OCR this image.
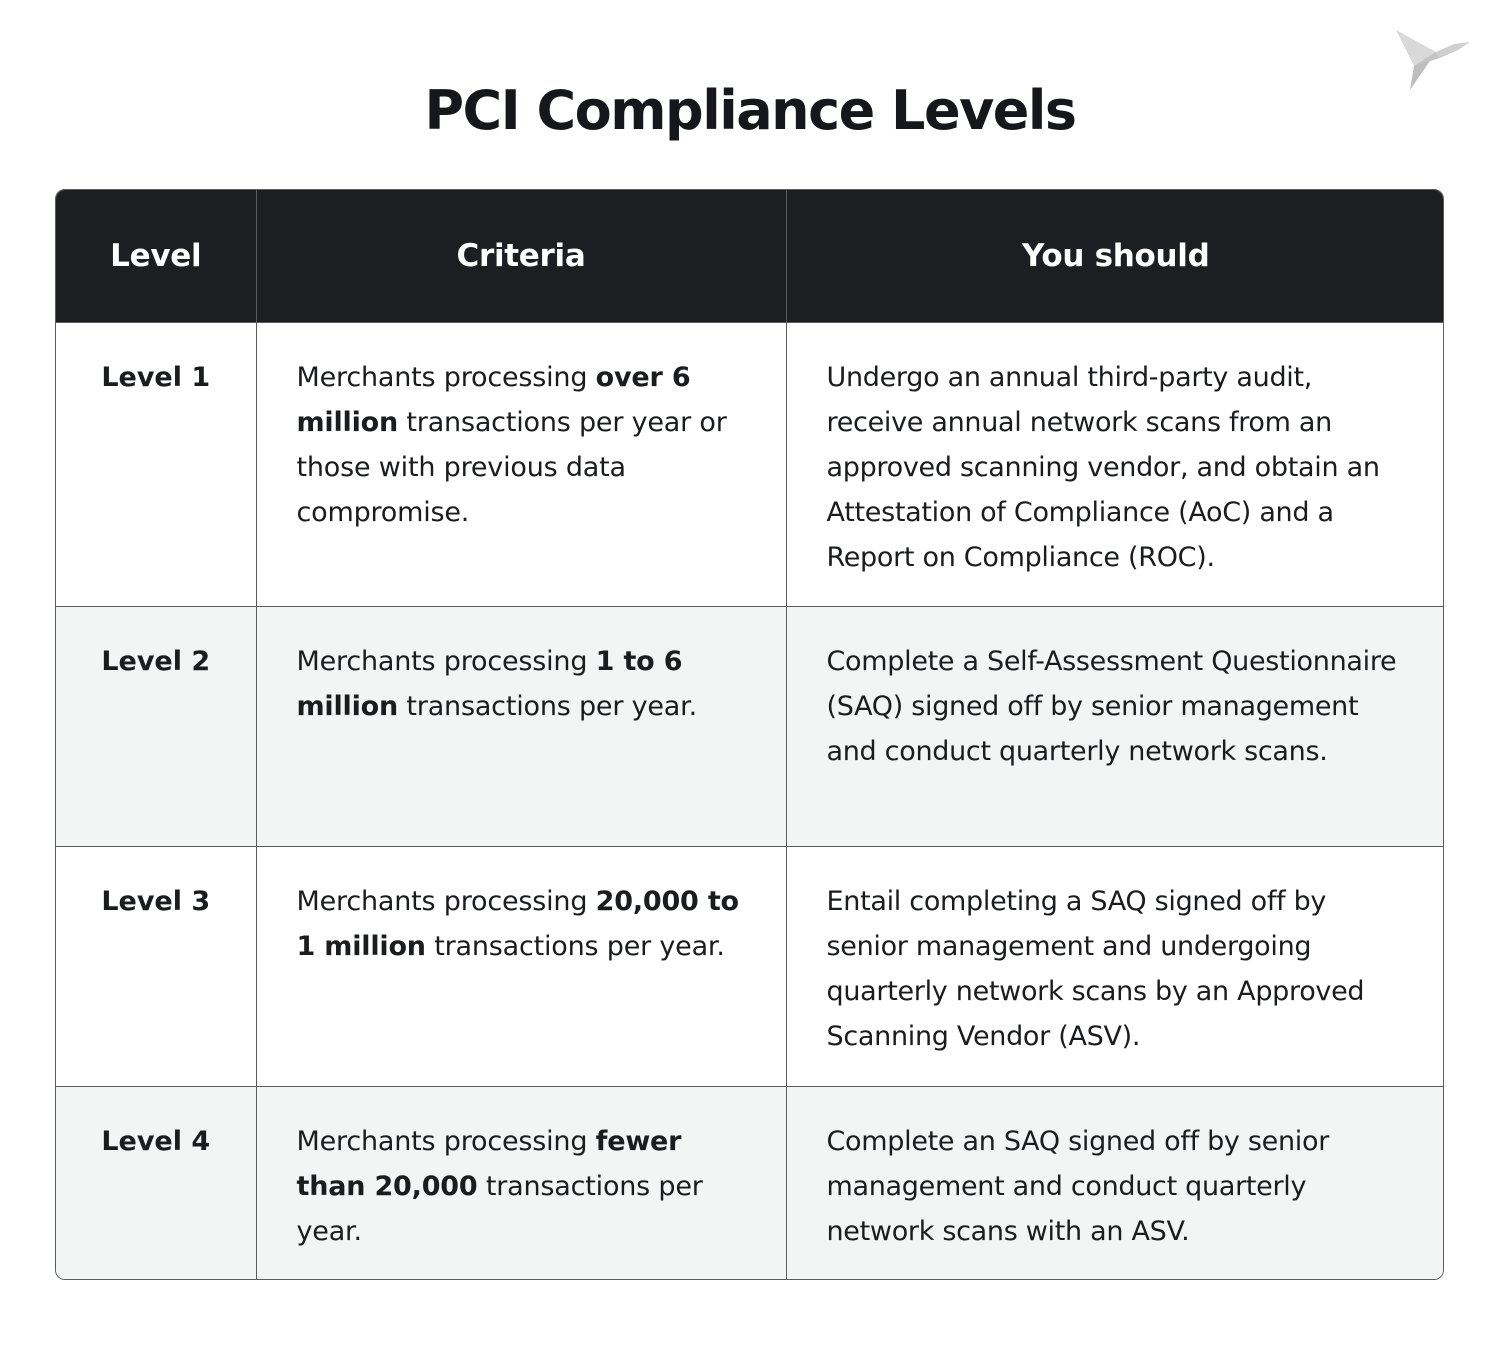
PCI Compliance Levels
Level	Criteria	You should
Level 1	Merchants processing over 6 million transactions per year or those with previous data compromise.	Undergo an annual third-party audit, receive annual network scans from an approved scanning vendor, and obtain an Attestation of Compliance (AoC) and a Report on Compliance (ROC).
Level 2	Merchants processing 1 to 6 million transactions per year.	Complete a Self-Assessment Questionnaire (SAQ) signed off by senior management and conduct quarterly network scans.
Level 3	Merchants processing 20,000 to 1 million transactions per year.	Entail completing a SAQ signed off by senior management and undergoing quarterly network scans by an Approved Scanning Vendor (ASV).
Level 4	Merchants processing fewer than 20,000 transactions per year.	Complete an SAQ signed off by senior management and conduct quarterly network scans with an ASV.
